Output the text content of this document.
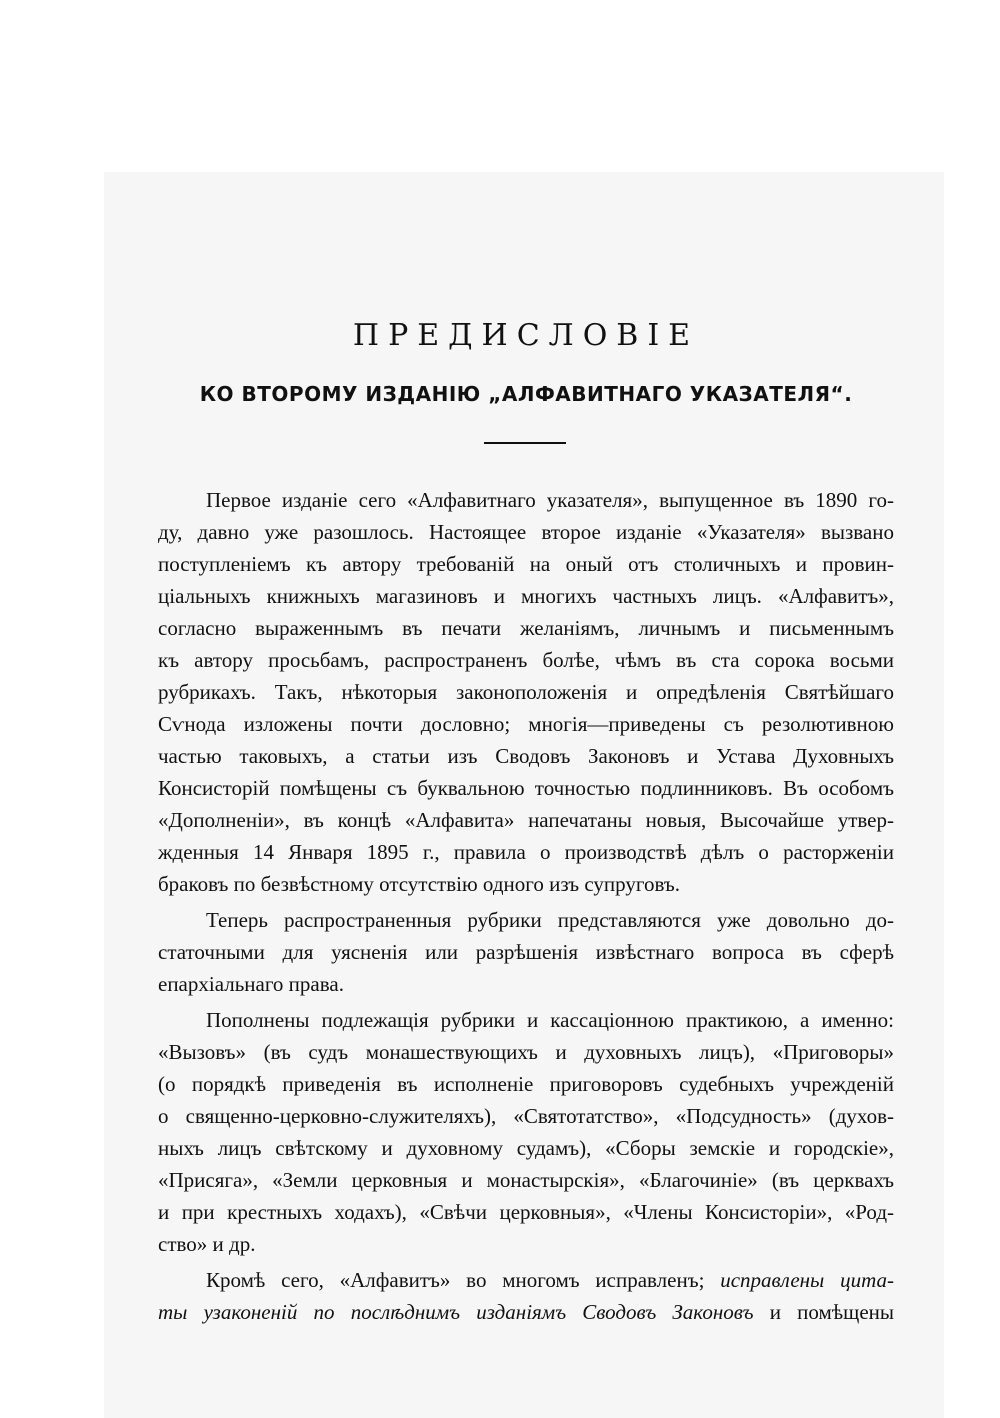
ПРЕДИСЛОВІЕ
КО ВТОРОМУ ИЗДАНІЮ „АЛФАВИТНАГО УКАЗАТЕЛЯ“.
Первое изданіе сего «Алфавитнаго указателя», выпущенное въ 1890 го-
ду, давно уже разошлось. Настоящее второе изданіе «Указателя» вызвано
поступленіемъ къ автору требованій на оный отъ столичныхъ и провин-
ціальныхъ книжныхъ магазиновъ и многихъ частныхъ лицъ. «Алфавитъ»,
согласно выраженнымъ въ печати желаніямъ, личнымъ и письменнымъ
къ автору просьбамъ, распространенъ болѣе, чѣмъ въ ста сорока восьми
рубрикахъ. Такъ, нѣкоторыя законоположенія и опредѣленія Святѣйшаго
Сѵнода изложены почти дословно; многія—приведены съ резолютивною
частью таковыхъ, а статьи изъ Сводовъ Законовъ и Устава Духовныхъ
Консисторій помѣщены съ буквальною точностью подлинниковъ. Въ особомъ
«Дополненіи», въ концѣ «Алфавита» напечатаны новыя, Высочайше утвер-
жденныя 14 Января 1895 г., правила о производствѣ дѣлъ о расторженіи
браковъ по безвѣстному отсутствію одного изъ супруговъ.
Теперь распространенныя рубрики представляются уже довольно до-
статочными для уясненія или разрѣшенія извѣстнаго вопроса въ сферѣ
епархіальнаго права.
Пополнены подлежащія рубрики и кассаціонною практикою, а именно:
«Вызовъ» (въ судъ монашествующихъ и духовныхъ лицъ), «Приговоры»
(о порядкѣ приведенія въ исполненіе приговоровъ судебныхъ учрежденій
о священно-церковно-служителяхъ), «Святотатство», «Подсудность» (духов-
ныхъ лицъ свѣтскому и духовному судамъ), «Сборы земскіе и городскіе»,
«Присяга», «Земли церковныя и монастырскія», «Благочиніе» (въ церквахъ
и при крестныхъ ходахъ), «Свѣчи церковныя», «Члены Консисторіи», «Род-
ство» и др.
Кромѣ сего, «Алфавитъ» во многомъ исправленъ; исправлены цита-
ты узаконеній по послѣднимъ изданіямъ Сводовъ Законовъ и помѣщены
